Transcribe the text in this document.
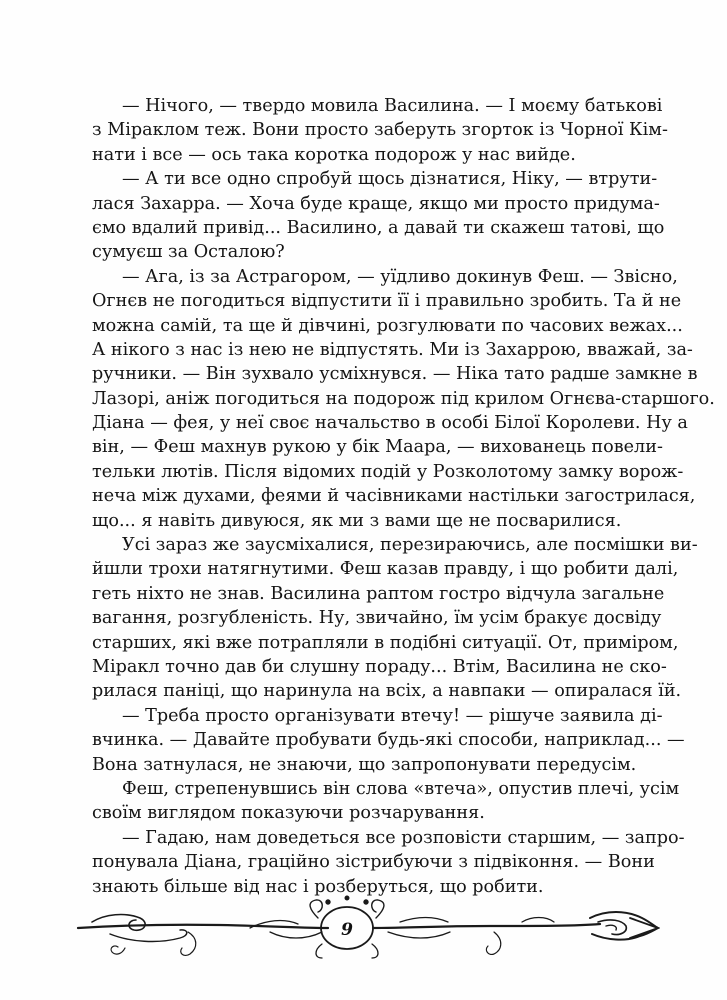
— Нічого, — твердо мовила Василина. — І моєму батькові
з Міраклом теж. Вони просто заберуть згорток із Чорної Кім-
нати і все — ось така коротка подорож у нас вийде.
— А ти все одно спробуй щось дізнатися, Ніку, — втрути-
лася Захарра. — Хоча буде краще, якщо ми просто придума-
ємо вдалий привід... Василино, а давай ти скажеш татові, що
сумуєш за Осталою?
— Ага, із за Астрагором, — уїдливо докинув Феш. — Звісно,
Огнєв не погодиться відпустити її і правильно зробить. Та й не
можна самій, та ще й дівчині, розгулювати по часових вежах...
А нікого з нас із нею не відпустять. Ми із Захаррою, вважай, за-
ручники. — Він зухвало усміхнувся. — Ніка тато радше замкне в
Лазорі, аніж погодиться на подорож під крилом Огнєва-старшого.
Діана — фея, у неї своє начальство в особі Білої Королеви. Ну а
він, — Феш махнув рукою у бік Маара, — вихованець повели-
тельки лютів. Після відомих подій у Розколотому замку ворож-
неча між духами, феями й часівниками настільки загострилася,
що... я навіть дивуюся, як ми з вами ще не посварилися.
Усі зараз же заусміхалися, перезираючись, але посмішки ви-
йшли трохи натягнутими. Феш казав правду, і що робити далі,
геть ніхто не знав. Василина раптом гостро відчула загальне
вагання, розгубленість. Ну, звичайно, їм усім бракує досвіду
старших, які вже потрапляли в подібні ситуації. От, приміром,
Міракл точно дав би слушну пораду... Втім, Василина не ско-
рилася паніці, що наринула на всіх, а навпаки — опиралася їй.
— Треба просто організувати втечу! — рішуче заявила ді-
вчинка. — Давайте пробувати будь-які способи, наприклад... —
Вона затнулася, не знаючи, що запропонувати передусім.
Феш, стрепенувшись він слова «втеча», опустив плечі, усім
своїм виглядом показуючи розчарування.
— Гадаю, нам доведеться все розповісти старшим, — запро-
понувала Діана, граційно зістрибуючи з підвіконня. — Вони
знають більше від нас і розберуться, що робити.
9
